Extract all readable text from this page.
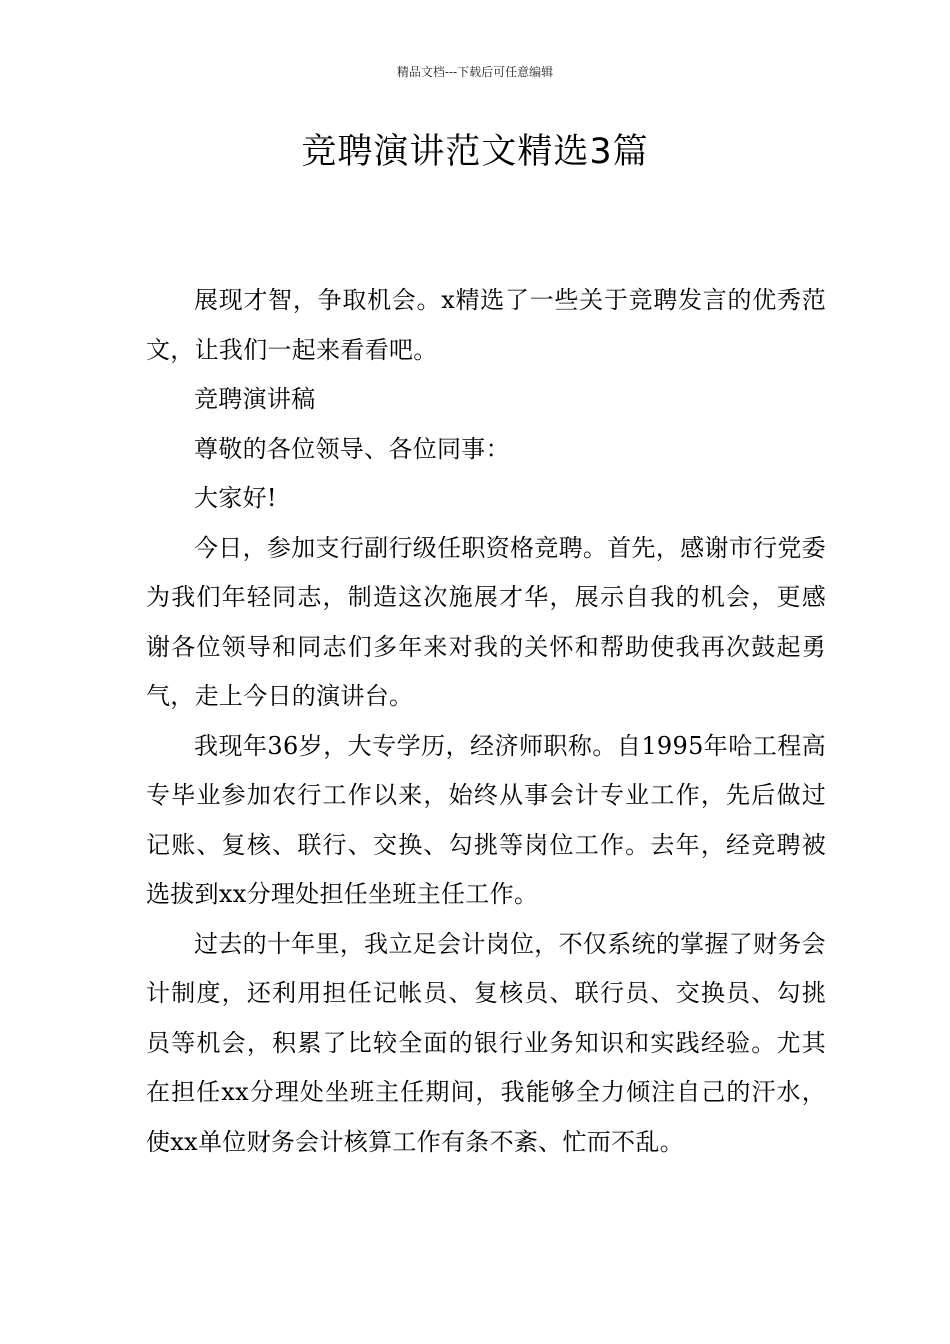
精品文档---下载后可任意编辑
竞聘演讲范文精选3篇

展现才智，争取机会。x精选了一些关于竞聘发言的优秀范文，让我们一起来看看吧。

竞聘演讲稿

尊敬的各位领导、各位同事：

大家好!

今日，参加支行副行级任职资格竞聘。首先，感谢市行党委为我们年轻同志，制造这次施展才华，展示自我的机会，更感谢各位领导和同志们多年来对我的关怀和帮助使我再次鼓起勇气，走上今日的演讲台。

我现年36岁，大专学历，经济师职称。自1995年哈工程高专毕业参加农行工作以来，始终从事会计专业工作，先后做过记账、复核、联行、交换、勾挑等岗位工作。去年，经竞聘被选拔到xx分理处担任坐班主任工作。

过去的十年里，我立足会计岗位，不仅系统的掌握了财务会计制度，还利用担任记帐员、复核员、联行员、交换员、勾挑员等机会，积累了比较全面的银行业务知识和实践经验。尤其在担任xx分理处坐班主任期间，我能够全力倾注自己的汗水，使xx单位财务会计核算工作有条不紊、忙而不乱。
